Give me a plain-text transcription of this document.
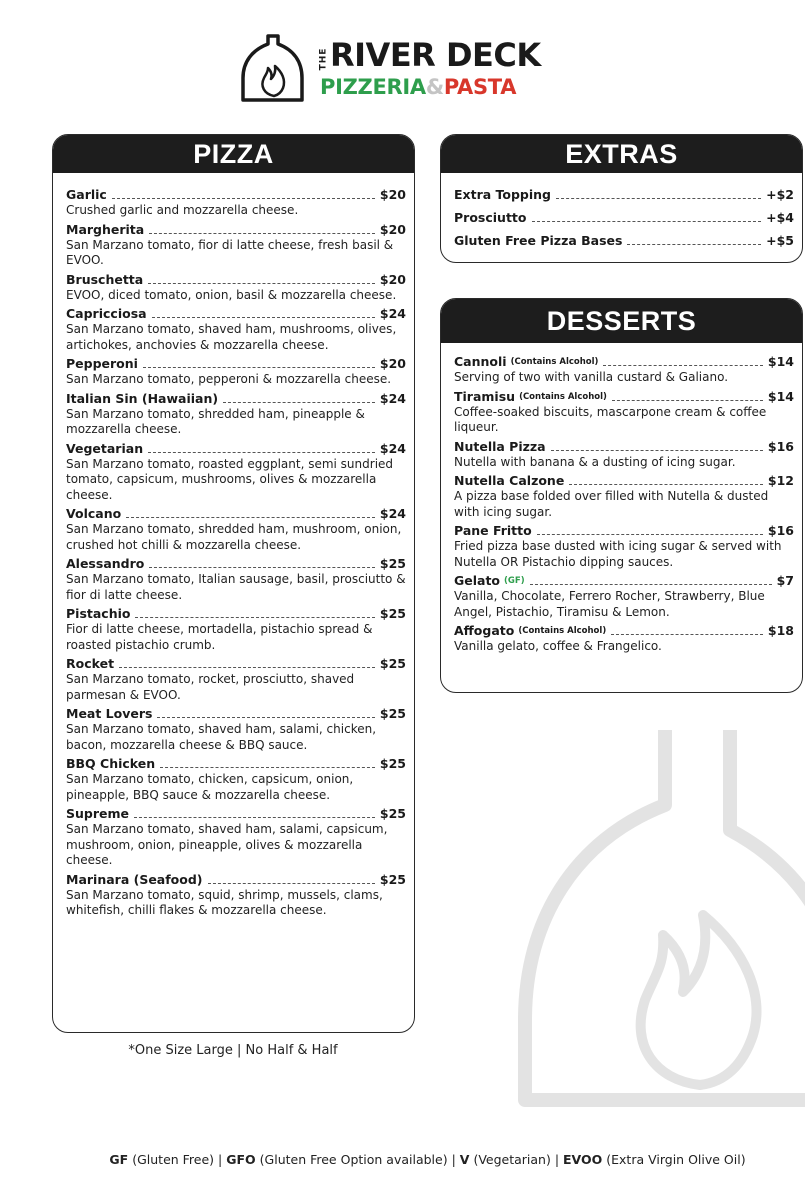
THE RIVER DECK
PIZZERIA&PASTA
PIZZA
Garlic	$20
Crushed garlic and mozzarella cheese.
Margherita	$20
San Marzano tomato, fior di latte cheese, fresh basil & EVOO.
Bruschetta	$20
EVOO, diced tomato, onion, basil & mozzarella cheese.
Capricciosa	$24
San Marzano tomato, shaved ham, mushrooms, olives, artichokes, anchovies & mozzarella cheese.
Pepperoni	$20
San Marzano tomato, pepperoni & mozzarella cheese.
Italian Sin (Hawaiian)	$24
San Marzano tomato, shredded ham, pineapple & mozzarella cheese.
Vegetarian	$24
San Marzano tomato, roasted eggplant, semi sundried tomato, capsicum, mushrooms, olives & mozzarella cheese.
Volcano	$24
San Marzano tomato, shredded ham, mushroom, onion, crushed hot chilli & mozzarella cheese.
Alessandro	$25
San Marzano tomato, Italian sausage, basil, prosciutto & fior di latte cheese.
Pistachio	$25
Fior di latte cheese, mortadella, pistachio spread & roasted pistachio crumb.
Rocket	$25
San Marzano tomato, rocket, prosciutto, shaved parmesan & EVOO.
Meat Lovers	$25
San Marzano tomato, shaved ham, salami, chicken, bacon, mozzarella cheese & BBQ sauce.
BBQ Chicken	$25
San Marzano tomato, chicken, capsicum, onion, pineapple, BBQ sauce & mozzarella cheese.
Supreme	$25
San Marzano tomato, shaved ham, salami, capsicum, mushroom, onion, pineapple, olives & mozzarella cheese.
Marinara (Seafood)	$25
San Marzano tomato, squid, shrimp, mussels, clams, whitefish, chilli flakes & mozzarella cheese.
*One Size Large | No Half & Half
EXTRAS
Extra Topping	+$2
Prosciutto	+$4
Gluten Free Pizza Bases	+$5
DESSERTS
Cannoli (Contains Alcohol)	$14
Serving of two with vanilla custard & Galiano.
Tiramisu (Contains Alcohol)	$14
Coffee-soaked biscuits, mascarpone cream & coffee liqueur.
Nutella Pizza	$16
Nutella with banana & a dusting of icing sugar.
Nutella Calzone	$12
A pizza base folded over filled with Nutella & dusted with icing sugar.
Pane Fritto	$16
Fried pizza base dusted with icing sugar & served with Nutella OR Pistachio dipping sauces.
Gelato (GF)	$7
Vanilla, Chocolate, Ferrero Rocher, Strawberry, Blue Angel, Pistachio, Tiramisu & Lemon.
Affogato (Contains Alcohol)	$18
Vanilla gelato, coffee & Frangelico.
GF (Gluten Free) | GFO (Gluten Free Option available) | V (Vegetarian) | EVOO (Extra Virgin Olive Oil)
